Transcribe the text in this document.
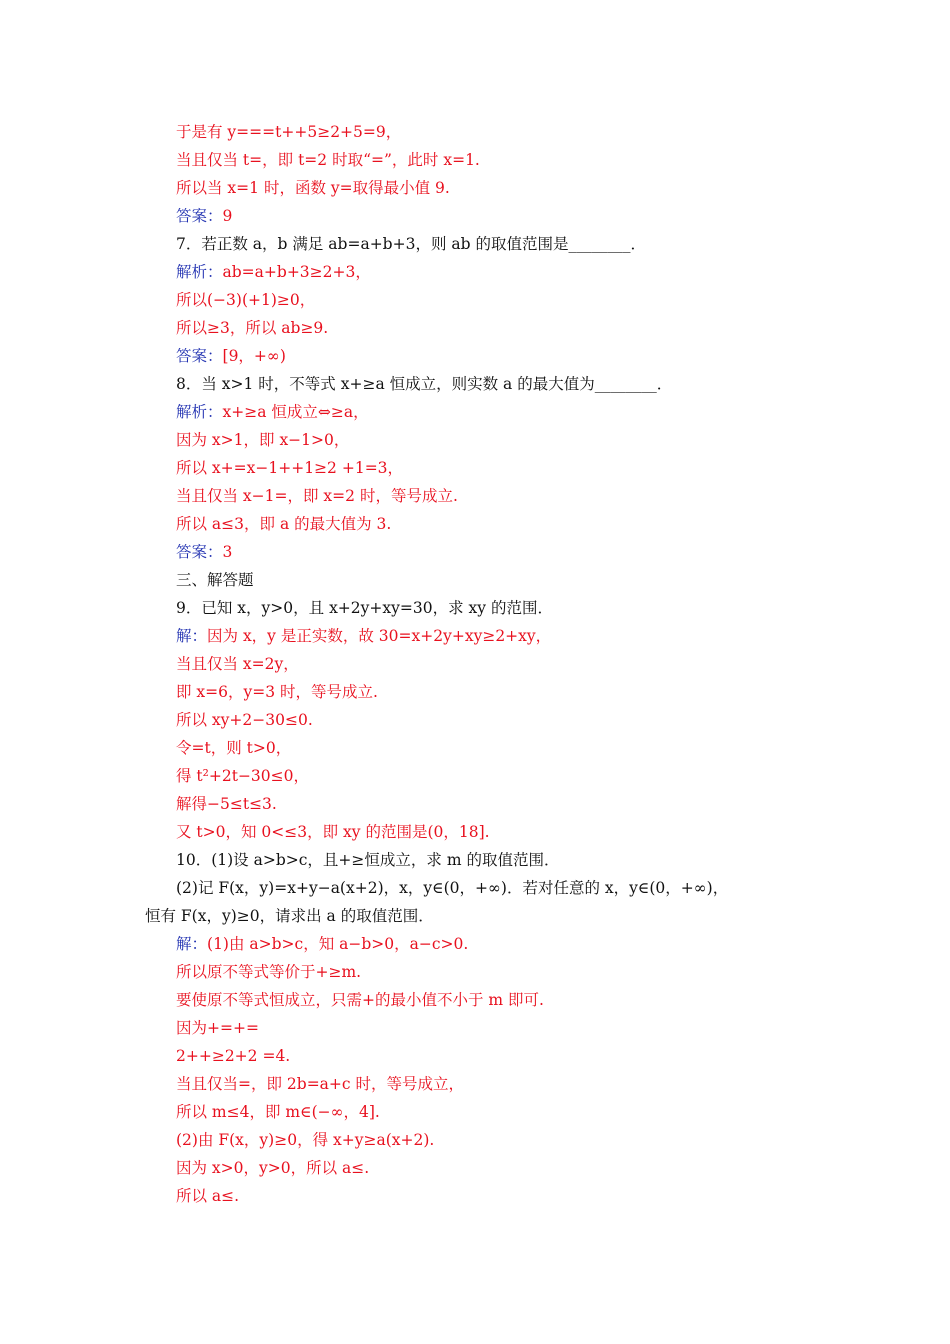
于是有 y===t++5≥2+5=9，
当且仅当 t=，即 t=2 时取“=”，此时 x=1.
所以当 x=1 时，函数 y=取得最小值 9.
答案：9
7．若正数 a，b 满足 ab=a+b+3，则 ab 的取值范围是________．
解析：ab=a+b+3≥2+3，
所以(−3)(+1)≥0，
所以≥3，所以 ab≥9.
答案：[9，+∞)
8．当 x>1 时，不等式 x+≥a 恒成立，则实数 a 的最大值为________．
解析：x+≥a 恒成立⇔≥a，
因为 x>1，即 x−1>0，
所以 x+=x−1++1≥2 +1=3，
当且仅当 x−1=，即 x=2 时，等号成立.
所以 a≤3，即 a 的最大值为 3.
答案：3
三、解答题
9．已知 x，y>0，且 x+2y+xy=30，求 xy 的范围．
解：因为 x，y 是正实数，故 30=x+2y+xy≥2+xy，
当且仅当 x=2y，
即 x=6，y=3 时，等号成立.
所以 xy+2−30≤0.
令=t，则 t>0，
得 t²+2t−30≤0，
解得−5≤t≤3.
又 t>0，知 0<≤3，即 xy 的范围是(0，18].
10．(1)设 a>b>c，且+≥恒成立，求 m 的取值范围．
(2)记 F(x，y)=x+y−a(x+2)，x，y∈(0，+∞)．若对任意的 x，y∈(0，+∞)，
恒有 F(x，y)≥0，请求出 a 的取值范围．
解：(1)由 a>b>c，知 a−b>0，a−c>0.
所以原不等式等价于+≥m.
要使原不等式恒成立，只需+的最小值不小于 m 即可.
因为+=+=
2++≥2+2 =4.
当且仅当=，即 2b=a+c 时，等号成立，
所以 m≤4，即 m∈(−∞，4].
(2)由 F(x，y)≥0，得 x+y≥a(x+2).
因为 x>0，y>0，所以 a≤.
所以 a≤.
